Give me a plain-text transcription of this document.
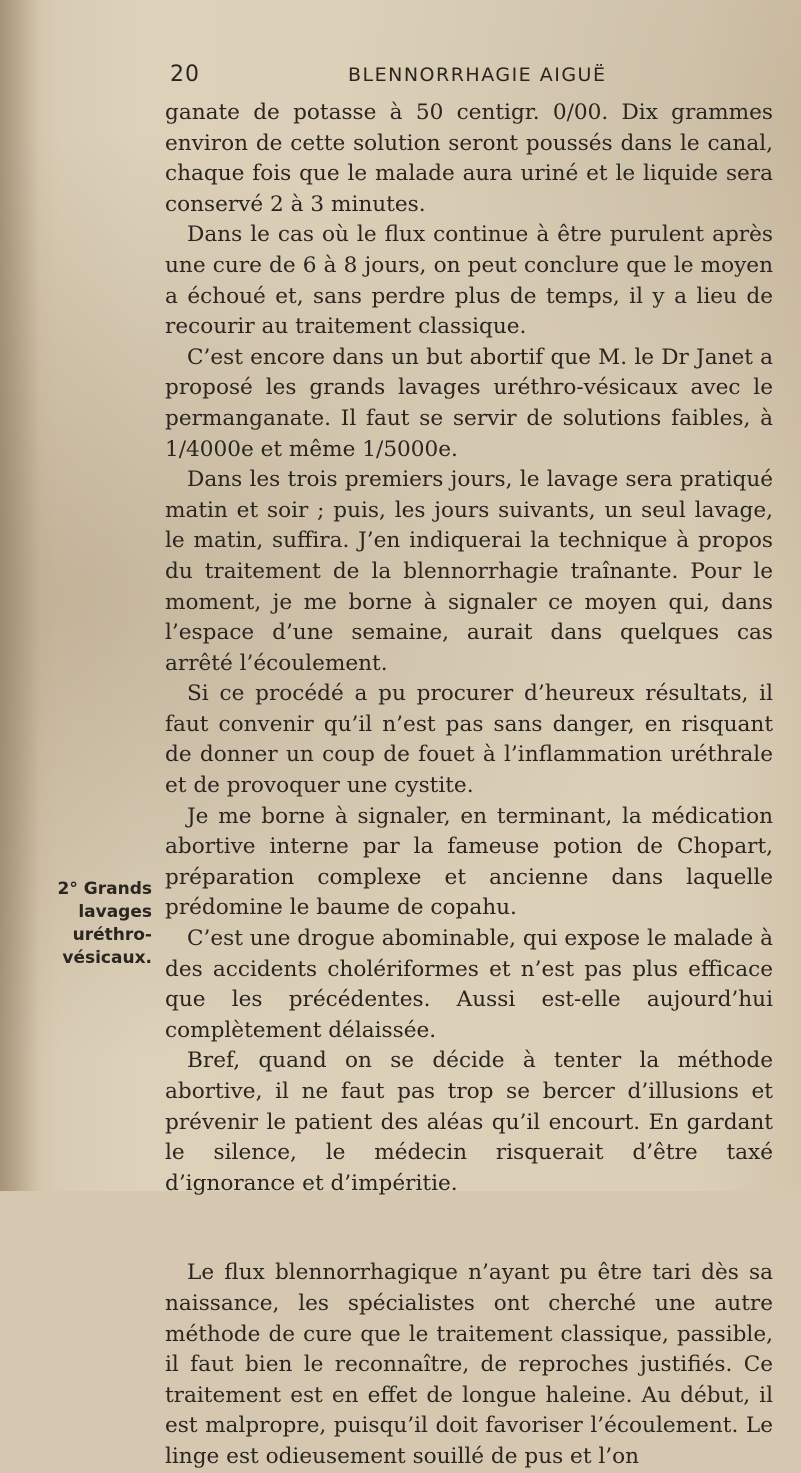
20	BLENNORRHAGIE AIGUË

ganate de potasse à 50 centigr. 0/00. Dix grammes environ de cette solution seront poussés dans le canal, chaque fois que le malade aura uriné et le liquide sera conservé 2 à 3 minutes.

Dans le cas où le flux continue à être purulent après une cure de 6 à 8 jours, on peut conclure que le moyen a échoué et, sans perdre plus de temps, il y a lieu de recourir au traitement classique.

C’est encore dans un but abortif que M. le Dr Janet a proposé les grands lavages uréthro-vésicaux avec le permanganate. Il faut se servir de solutions faibles, à 1/4000e et même 1/5000e.

Dans les trois premiers jours, le lavage sera pratiqué matin et soir ; puis, les jours suivants, un seul lavage, le matin, suffira. J’en indiquerai la technique à propos du traitement de la blennorrhagie traînante. Pour le moment, je me borne à signaler ce moyen qui, dans l’espace d’une semaine, aurait dans quelques cas arrêté l’écoulement.

Si ce procédé a pu procurer d’heureux résultats, il faut convenir qu’il n’est pas sans danger, en risquant de donner un coup de fouet à l’inflammation uréthrale et de provoquer une cystite.

Je me borne à signaler, en terminant, la médication abortive interne par la fameuse potion de Chopart, préparation complexe et ancienne dans laquelle prédomine le baume de copahu.

C’est une drogue abominable, qui expose le malade à des accidents chol​ériformes et n’est pas plus efficace que les précédentes. Aussi est-elle aujourd’hui complètement délaissée.

Bref, quand on se décide à tenter la méthode abortive, il ne faut pas trop se bercer d’illusions et prévenir le patient des aléas qu’il encourt. En gardant le silence, le médecin risquerait d’être taxé d’ignorance et d’impéritie.

Le flux blennorrhagique n’ayant pu être tari dès sa naissance, les spécialistes ont cherché une autre méthode de cure que le traitement classique, passible, il faut bien le reconnaître, de reproches justifiés. Ce traitement est en effet de longue haleine. Au début, il est malpropre, puisqu’il doit favoriser l’écoulement. Le linge est odieusement souillé de pus et l’on

2° Grands
lavages
uréthro-
vésicaux.
